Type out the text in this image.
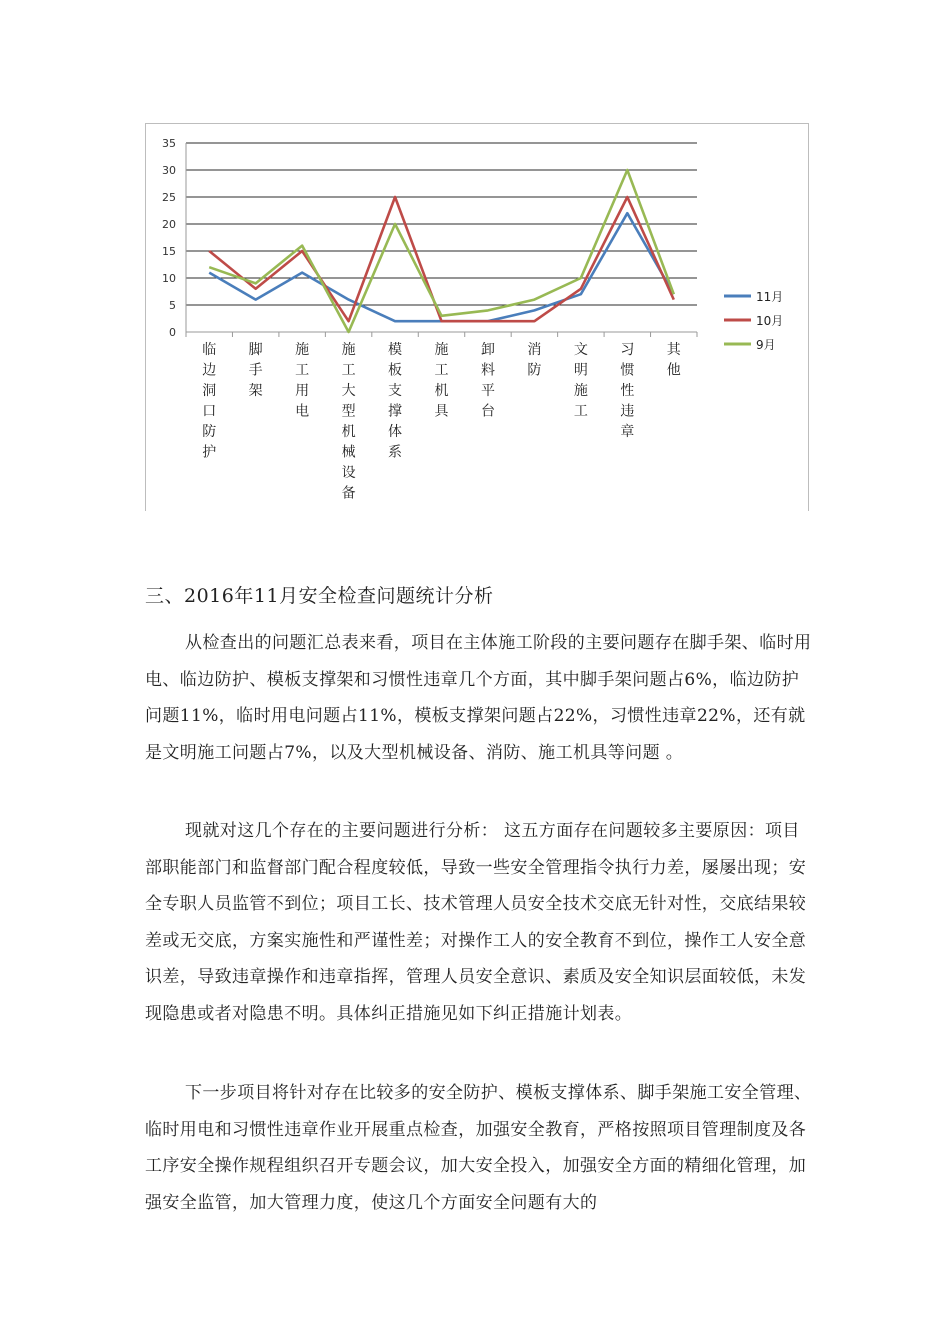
0
5
10
15
20
25
30
35
临边洞口防护
脚手架
施工用电
施工大型机械设备
模板支撑体系
施工机具
卸料平台
消防
文明施工
习惯性违章
其他
11月
10月
9月
三、2016年11月安全检查问题统计分析

从检查出的问题汇总表来看，项目在主体施工阶段的主要问题存在脚手架、临时用电、临边防护、模板支撑架和习惯性违章几个方面，其中脚手架问题占6%，临边防护问题11%，临时用电问题占11%，模板支撑架问题占22%，习惯性违章22%，还有就是文明施工问题占7%，以及大型机械设备、消防、施工机具等问题 。

现就对这几个存在的主要问题进行分析： 这五方面存在问题较多主要原因：项目部职能部门和监督部门配合程度较低，导致一些安全管理指令执行力差，屡屡出现；安全专职人员监管不到位；项目工长、技术管理人员安全技术交底无针对性，交底结果较差或无交底，方案实施性和严谨性差；对操作工人的安全教育不到位，操作工人安全意识差，导致违章操作和违章指挥，管理人员安全意识、素质及安全知识层面较低，未发现隐患或者对隐患不明。具体纠正措施见如下纠正措施计划表。

下一步项目将针对存在比较多的安全防护、模板支撑体系、脚手架施工安全管理、临时用电和习惯性违章作业开展重点检查，加强安全教育，严格按照项目管理制度及各工序安全操作规程组织召开专题会议，加大安全投入，加强安全方面的精细化管理，加强安全监管，加大管理力度，使这几个方面安全问题有大的
